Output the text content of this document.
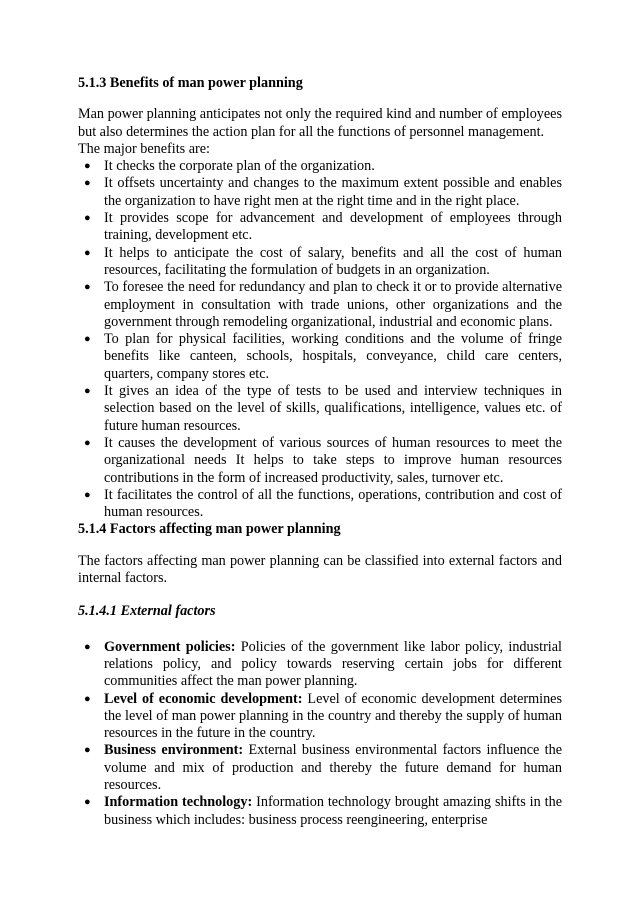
5.1.3 Benefits of man power planning

Man power planning anticipates not only the required kind and number of employees but also determines the action plan for all the functions of personnel management.

The major benefits are:

● It checks the corporate plan of the organization.
● It offsets uncertainty and changes to the maximum extent possible and enables the organization to have right men at the right time and in the right place.
● It provides scope for advancement and development of employees through training, development etc.
● It helps to anticipate the cost of salary, benefits and all the cost of human resources, facilitating the formulation of budgets in an organization.
● To foresee the need for redundancy and plan to check it or to provide alternative employment in consultation with trade unions, other organizations and the government through remodeling organizational, industrial and economic plans.
● To plan for physical facilities, working conditions and the volume of fringe benefits like canteen, schools, hospitals, conveyance, child care centers, quarters, company stores etc.
● It gives an idea of the type of tests to be used and interview techniques in selection based on the level of skills, qualifications, intelligence, values etc. of future human resources.
● It causes the development of various sources of human resources to meet the organizational needs It helps to take steps to improve human resources contributions in the form of increased productivity, sales, turnover etc.
● It facilitates the control of all the functions, operations, contribution and cost of human resources.
5.1.4 Factors affecting man power planning

The factors affecting man power planning can be classified into external factors and internal factors.

5.1.4.1 External factors
● Government policies: Policies of the government like labor policy, industrial relations policy, and policy towards reserving certain jobs for different communities affect the man power planning.
● Level of economic development: Level of economic development determines the level of man power planning in the country and thereby the supply of human resources in the future in the country.
● Business environment: External business environmental factors influence the volume and mix of production and thereby the future demand for human resources.
● Information technology: Information technology brought amazing shifts in the business which includes: business process reengineering, enterprise
